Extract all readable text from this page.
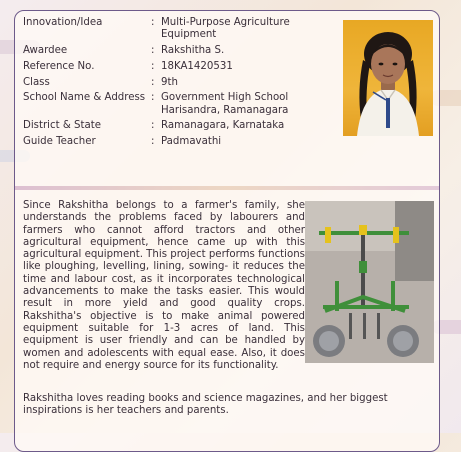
Innovation/Idea	: Multi-Purpose Agriculture Equipment
Awardee	: Rakshitha S.
Reference No.	: 18KA1420531
Class	: 9th
School Name & Address : Government High School Harisandra, Ramanagara
District & State	: Ramanagara, Karnataka
Guide Teacher	: Padmavathi
Since Rakshitha belongs to a farmer's family, she understands the problems faced by labourers and farmers who cannot afford tractors and other agricultural equipment, hence came up with this agricultural equipment. This project performs functions like ploughing, levelling, lining, sowing- it reduces the time and labour cost, as it incorporates technological advancements to make the tasks easier. This would result in more yield and good quality crops. Rakshitha's objective is to make animal powered equipment suitable for 1-3 acres of land. This equipment is user friendly and can be handled by women and adolescents with equal ease. Also, it does not require and energy source for its functionality.
Rakshitha loves reading books and science magazines, and her biggest inspirations is her teachers and parents.
